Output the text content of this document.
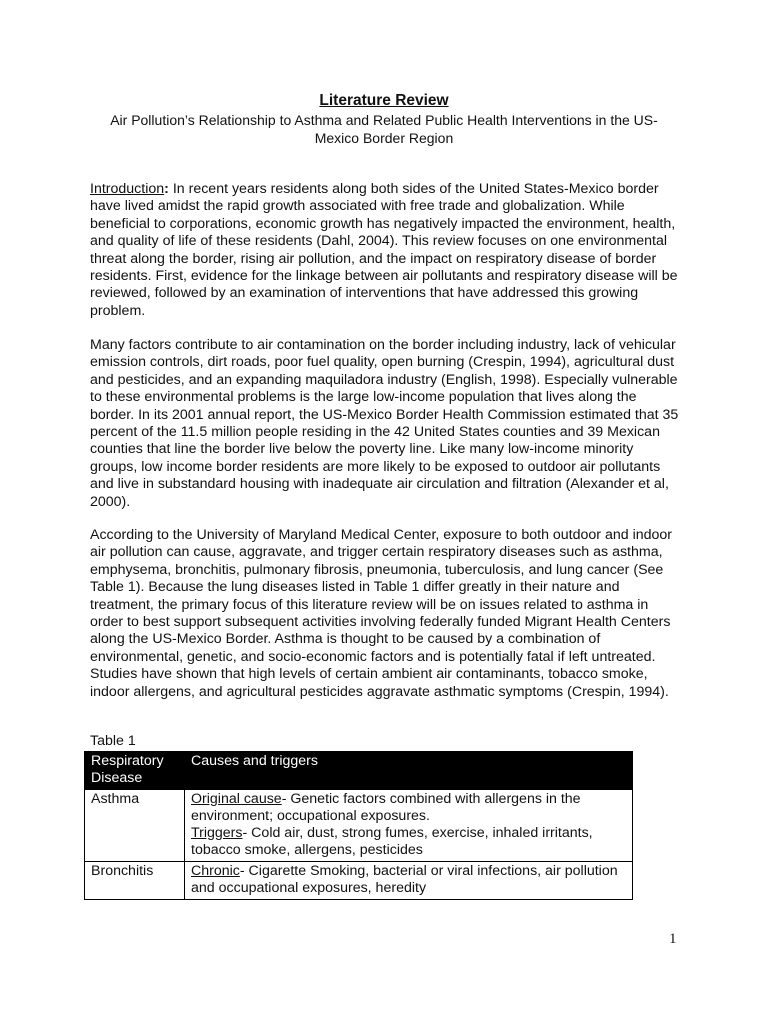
Literature Review

Air Pollution’s Relationship to Asthma and Related Public Health Interventions in the US-Mexico Border Region

Introduction: In recent years residents along both sides of the United States-Mexico border have lived amidst the rapid growth associated with free trade and globalization. While beneficial to corporations, economic growth has negatively impacted the environment, health, and quality of life of these residents (Dahl, 2004). This review focuses on one environmental threat along the border, rising air pollution, and the impact on respiratory disease of border residents. First, evidence for the linkage between air pollutants and respiratory disease will be reviewed, followed by an examination of interventions that have addressed this growing problem.

Many factors contribute to air contamination on the border including industry, lack of vehicular emission controls, dirt roads, poor fuel quality, open burning (Crespin, 1994), agricultural dust and pesticides, and an expanding maquiladora industry (English, 1998). Especially vulnerable to these environmental problems is the large low-income population that lives along the border. In its 2001 annual report, the US-Mexico Border Health Commission estimated that 35 percent of the 11.5 million people residing in the 42 United States counties and 39 Mexican counties that line the border live below the poverty line. Like many low-income minority groups, low income border residents are more likely to be exposed to outdoor air pollutants and live in substandard housing with inadequate air circulation and filtration (Alexander et al, 2000).

According to the University of Maryland Medical Center, exposure to both outdoor and indoor air pollution can cause, aggravate, and trigger certain respiratory diseases such as asthma, emphysema, bronchitis, pulmonary fibrosis, pneumonia, tuberculosis, and lung cancer (See Table 1). Because the lung diseases listed in Table 1 differ greatly in their nature and treatment, the primary focus of this literature review will be on issues related to asthma in order to best support subsequent activities involving federally funded Migrant Health Centers along the US-Mexico Border. Asthma is thought to be caused by a combination of environmental, genetic, and socio-economic factors and is potentially fatal if left untreated. Studies have shown that high levels of certain ambient air contaminants, tobacco smoke, indoor allergens, and agricultural pesticides aggravate asthmatic symptoms (Crespin, 1994).

Table 1
Respiratory Disease	Causes and triggers
Asthma	Original cause- Genetic factors combined with allergens in the environment; occupational exposures.
Triggers- Cold air, dust, strong fumes, exercise, inhaled irritants, tobacco smoke, allergens, pesticides
Bronchitis	Chronic- Cigarette Smoking, bacterial or viral infections, air pollution and occupational exposures, heredity
1
